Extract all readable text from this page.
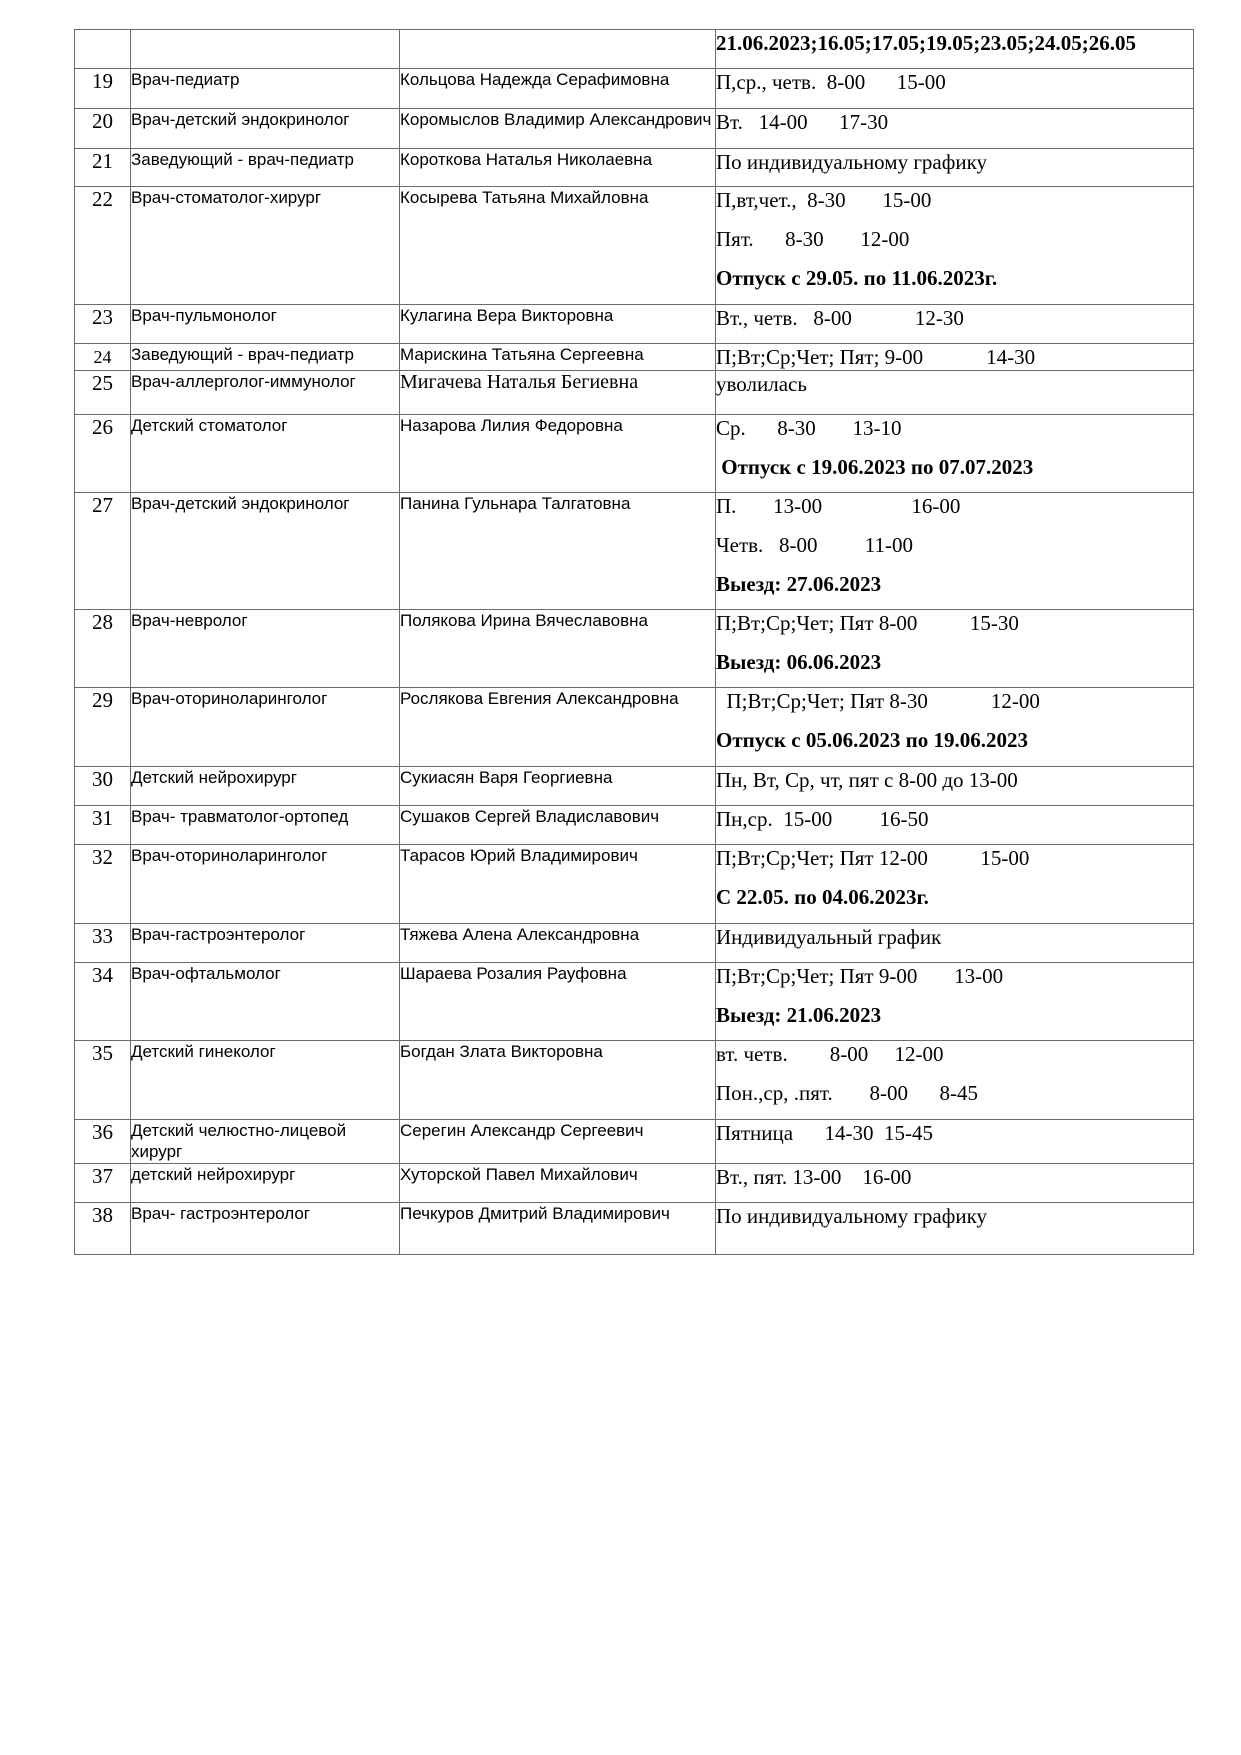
			21.06.2023;16.05;17.05;19.05;23.05;24.05;26.05

19	Врач-педиатр	Кольцова Надежда Серафимовна	П,ср., четв.  8-00      15-00

20	Врач-детский эндокринолог	Коромыслов Владимир Александрович	Вт.   14-00      17-30

21	Заведующий - врач-педиатр	Короткова Наталья Николаевна	По индивидуальному графику

22	Врач-стоматолог-хирург	Косырева Татьяна Михайловна	П,вт,чет.,  8-30       15-00
Пят.      8-30       12-00
Отпуск с 29.05. по 11.06.2023г.

23	Врач-пульмонолог	Кулагина Вера Викторовна	Вт., четв.   8-00            12-30

24	Заведующий - врач-педиатр	Марискина Татьяна Сергеевна	П;Вт;Ср;Чет; Пят; 9-00            14-30

25	Врач-аллерголог-иммунолог	Мигачева Наталья Бегиевна	уволилась

26	Детский стоматолог	Назарова Лилия Федоровна	Ср.      8-30       13-10
Отпуск с 19.06.2023 по 07.07.2023

27	Врач-детский эндокринолог	Панина Гульнара Талгатовна	П.       13-00                 16-00
Четв.   8-00         11-00
Выезд: 27.06.2023

28	Врач-невролог	Полякова Ирина Вячеславовна	П;Вт;Ср;Чет; Пят 8-00          15-30
Выезд: 06.06.2023

29	Врач-оториноларинголог	Рослякова Евгения Александровна	П;Вт;Ср;Чет; Пят 8-30            12-00
Отпуск с 05.06.2023 по 19.06.2023

30	Детский нейрохирург	Сукиасян Варя Георгиевна	Пн, Вт, Ср, чт, пят с 8-00 до 13-00

31	Врач- травматолог-ортопед	Сушаков Сергей Владиславович	Пн,ср.  15-00         16-50

32	Врач-оториноларинголог	Тарасов Юрий Владимирович	П;Вт;Ср;Чет; Пят 12-00          15-00
С 22.05. по 04.06.2023г.

33	Врач-гастроэнтеролог	Тяжева Алена Александровна	Индивидуальный график

34	Врач-офтальмолог	Шараева Розалия Рауфовна	П;Вт;Ср;Чет; Пят 9-00       13-00
Выезд: 21.06.2023

35	Детский гинеколог	Богдан Злата Викторовна	вт. четв.        8-00     12-00
Пон.,ср, .пят.       8-00      8-45

36	Детский челюстно-лицевой хирург	Серегин Александр Сергеевич	Пятница      14-30  15-45

37	детский нейрохирург	Хуторской Павел Михайлович	Вт., пят. 13-00    16-00

38	Врач- гастроэнтеролог	Печкуров Дмитрий Владимирович	По индивидуальному графику
